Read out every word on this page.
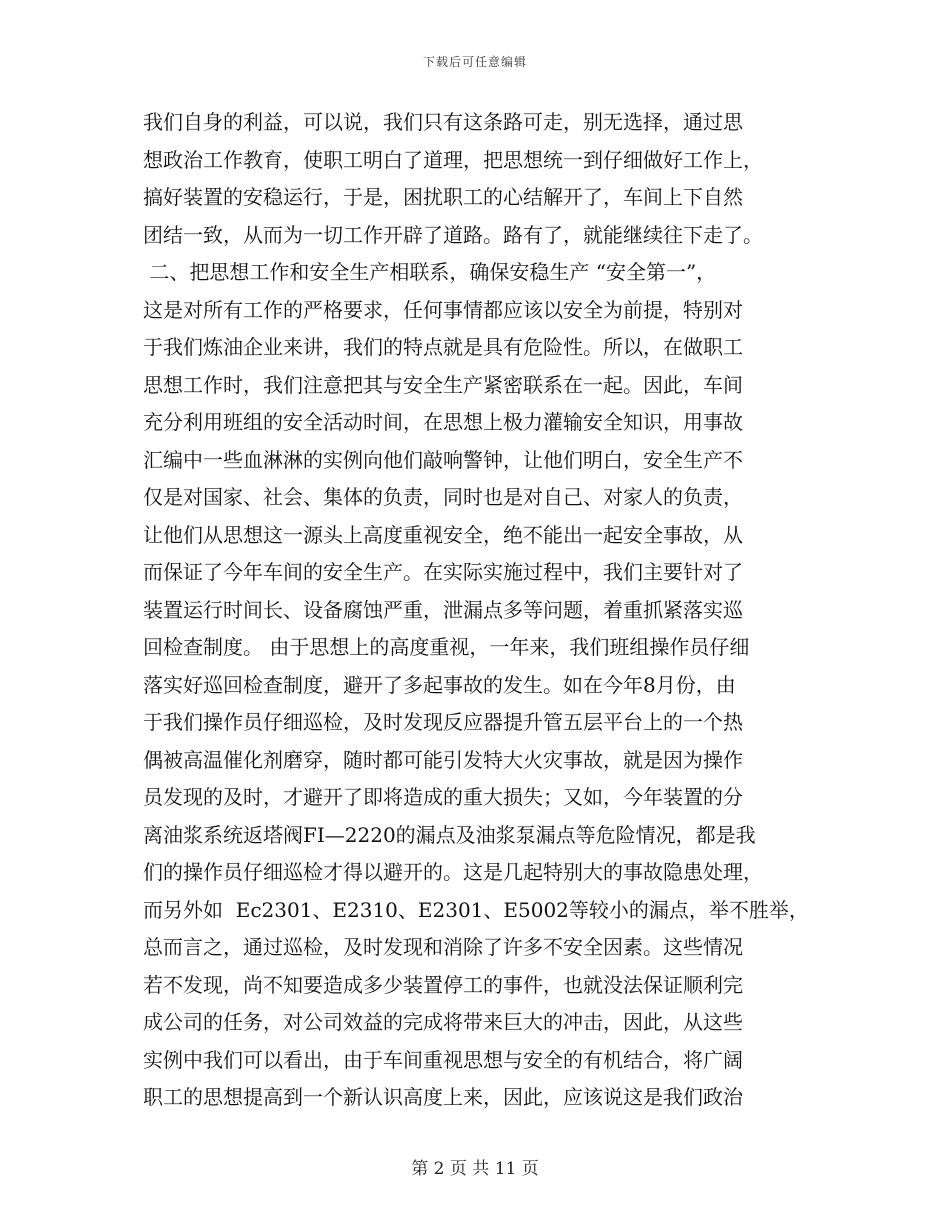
下载后可任意编辑
我们自身的利益，可以说，我们只有这条路可走，别无选择，通过思
想政治工作教育，使职工明白了道理，把思想统一到仔细做好工作上，
搞好装置的安稳运行，于是，困扰职工的心结解开了，车间上下自然
团结一致，从而为一切工作开辟了道路。路有了，就能继续往下走了。
二、把思想工作和安全生产相联系，确保安稳生产 “安全第一”，
这是对所有工作的严格要求，任何事情都应该以安全为前提，特别对
于我们炼油企业来讲，我们的特点就是具有危险性。所以，在做职工
思想工作时，我们注意把其与安全生产紧密联系在一起。因此，车间
充分利用班组的安全活动时间，在思想上极力灌输安全知识，用事故
汇编中一些血淋淋的实例向他们敲响警钟，让他们明白，安全生产不
仅是对国家、社会、集体的负责，同时也是对自己、对家人的负责，
让他们从思想这一源头上高度重视安全，绝不能出一起安全事故，从
而保证了今年车间的安全生产。在实际实施过程中，我们主要针对了
装置运行时间长、设备腐蚀严重，泄漏点多等问题，着重抓紧落实巡
回检查制度。 由于思想上的高度重视，一年来，我们班组操作员仔细
落实好巡回检查制度，避开了多起事故的发生。如在今年8月份，由
于我们操作员仔细巡检，及时发现反应器提升管五层平台上的一个热
偶被高温催化剂磨穿，随时都可能引发特大火灾事故，就是因为操作
员发现的及时，才避开了即将造成的重大损失；又如，今年装置的分
离油浆系统返塔阀FI—2220的漏点及油浆泵漏点等危险情况，都是我
们的操作员仔细巡检才得以避开的。这是几起特别大的事故隐患处理，
而另外如  Ec2301、E2310、E2301、E5002等较小的漏点，举不胜举，
总而言之，通过巡检，及时发现和消除了许多不安全因素。这些情况
若不发现，尚不知要造成多少装置停工的事件，也就没法保证顺利完
成公司的任务，对公司效益的完成将带来巨大的冲击，因此，从这些
实例中我们可以看出，由于车间重视思想与安全的有机结合，将广阔
职工的思想提高到一个新认识高度上来，因此，应该说这是我们政治
第 2 页 共 11 页
